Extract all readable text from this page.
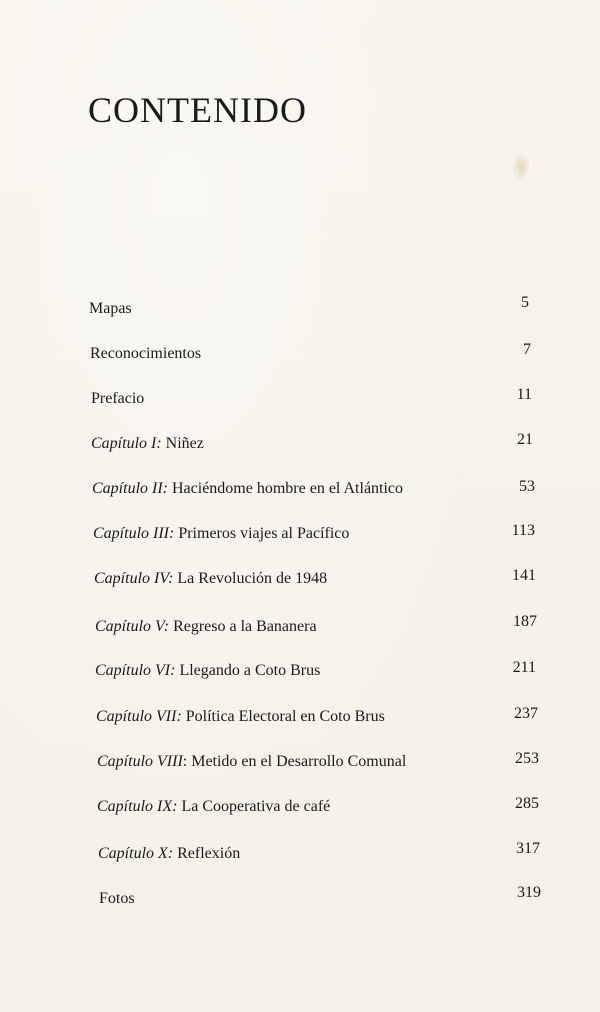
CONTENIDO
Mapas	5
Reconocimientos	7
Prefacio	11
Capítulo I: Niñez	21
Capítulo II: Haciéndome hombre en el Atlántico	53
Capítulo III: Primeros viajes al Pacífico	113
Capítulo IV: La Revolución de 1948	141
Capítulo V: Regreso a la Bananera	187
Capítulo VI: Llegando a Coto Brus	211
Capítulo VII: Política Electoral en Coto Brus	237
Capítulo VIII: Metido en el Desarrollo Comunal	253
Capítulo IX: La Cooperativa de café	285
Capítulo X: Reflexión	317
Fotos	319
